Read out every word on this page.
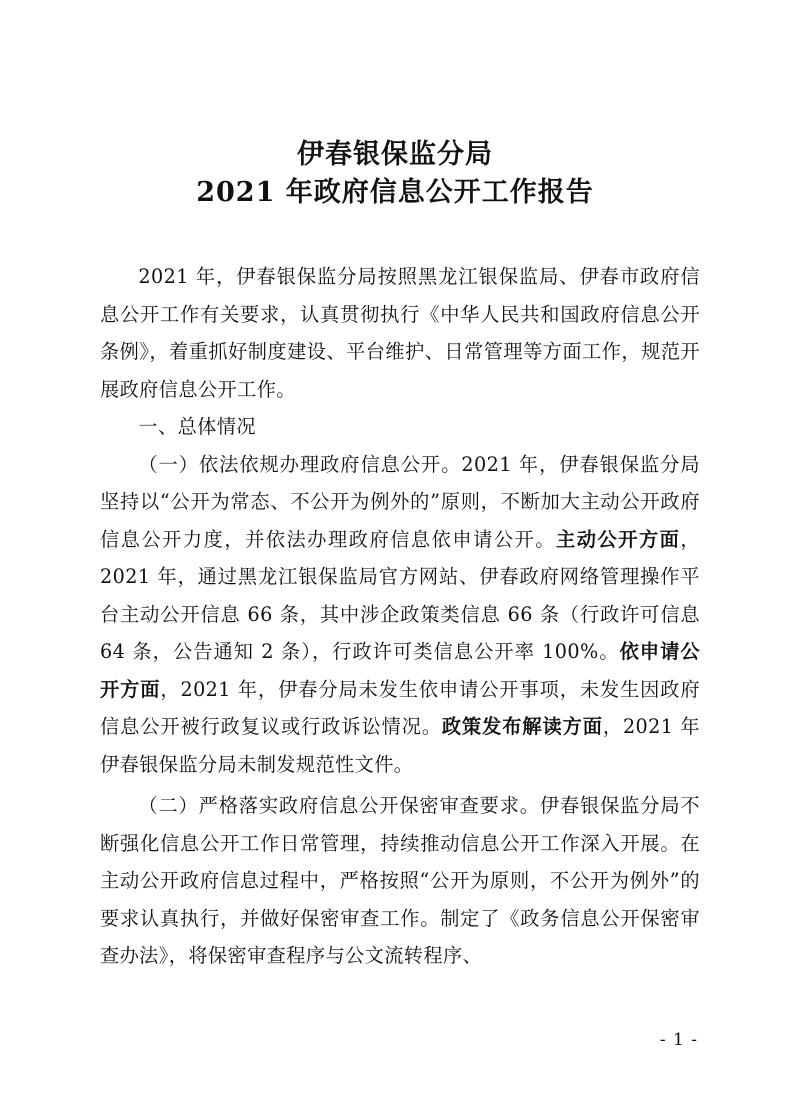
伊春银保监分局
2021 年政府信息公开工作报告

2021 年，伊春银保监分局按照黑龙江银保监局、伊春市政府信息公开工作有关要求，认真贯彻执行《中华人民共和国政府信息公开条例》，着重抓好制度建设、平台维护、日常管理等方面工作，规范开展政府信息公开工作。

一、总体情况

（一）依法依规办理政府信息公开。2021 年，伊春银保监分局坚持以“公开为常态、不公开为例外的”原则，不断加大主动公开政府信息公开力度，并依法办理政府信息依申请公开。主动公开方面，2021 年，通过黑龙江银保监局官方网站、伊春政府网络管理操作平台主动公开信息 66 条，其中涉企政策类信息 66 条（行政许可信息 64 条，公告通知 2 条），行政许可类信息公开率 100%。依申请公开方面，2021 年，伊春分局未发生依申请公开事项，未发生因政府信息公开被行政复议或行政诉讼情况。政策发布解读方面，2021 年伊春银保监分局未制发规范性文件。

（二）严格落实政府信息公开保密审查要求。伊春银保监分局不断强化信息公开工作日常管理，持续推动信息公开工作深入开展。在主动公开政府信息过程中，严格按照“公开为原则，不公开为例外”的要求认真执行，并做好保密审查工作。制定了《政务信息公开保密审查办法》，将保密审查程序与公文流转程序、

- 1 -
